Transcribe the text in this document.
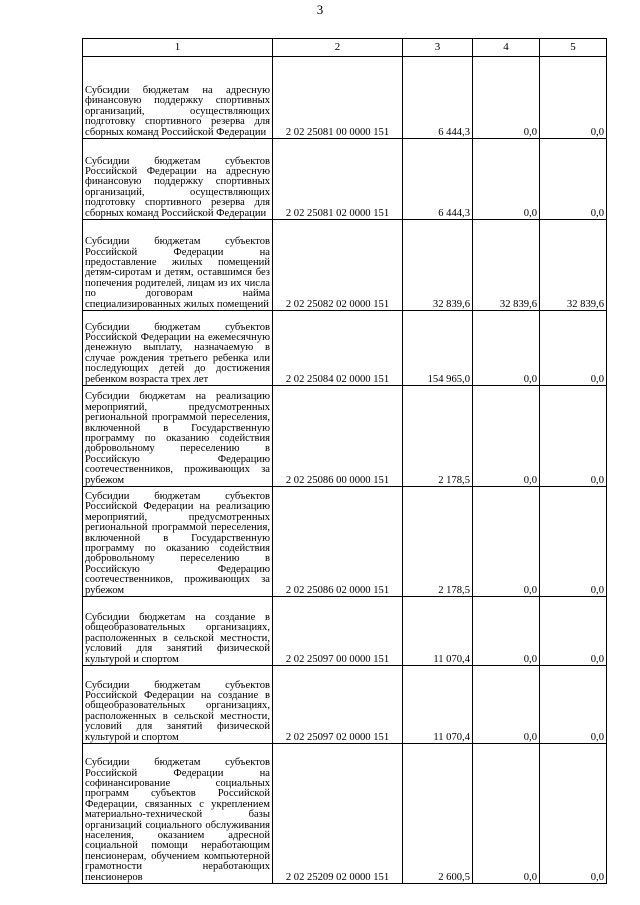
3
1	2	3	4	5
Субсидии бюджетам на адресную финансовую поддержку спортивных организаций, осуществляющих подготовку спортивного резерва для сборных команд Российской Федерации	2 02 25081 00 0000 151	6 444,3	0,0	0,0
Субсидии бюджетам субъектов Российской Федерации на адресную финансовую поддержку спортивных организаций, осуществляющих подготовку спортивного резерва для сборных команд Российской Федерации	2 02 25081 02 0000 151	6 444,3	0,0	0,0
Субсидии бюджетам субъектов Российской Федерации на предоставление жилых помещений детям-сиротам и детям, оставшимся без попечения родителей, лицам из их числа по договорам найма специализированных жилых помещений	2 02 25082 02 0000 151	32 839,6	32 839,6	32 839,6
Субсидии бюджетам субъектов Российской Федерации на ежемесячную денежную выплату, назначаемую в случае рождения третьего ребенка или последующих детей до достижения ребенком возраста трех лет	2 02 25084 02 0000 151	154 965,0	0,0	0,0
Субсидии бюджетам на реализацию мероприятий, предусмотренных региональной программой переселения, включенной в Государственную программу по оказанию содействия добровольному переселению в Российскую Федерацию соотечественников, проживающих за рубежом	2 02 25086 00 0000 151	2 178,5	0,0	0,0
Субсидии бюджетам субъектов Российской Федерации на реализацию мероприятий, предусмотренных региональной программой переселения, включенной в Государственную программу по оказанию содействия добровольному переселению в Российскую Федерацию соотечественников, проживающих за рубежом	2 02 25086 02 0000 151	2 178,5	0,0	0,0
Субсидии бюджетам на создание в общеобразовательных организациях, расположенных в сельской местности, условий для занятий физической культурой и спортом	2 02 25097 00 0000 151	11 070,4	0,0	0,0
Субсидии бюджетам субъектов Российской Федерации на создание в общеобразовательных организациях, расположенных в сельской местности, условий для занятий физической культурой и спортом	2 02 25097 02 0000 151	11 070,4	0,0	0,0
Субсидии бюджетам субъектов Российской Федерации на софинансирование социальных программ субъектов Российской Федерации, связанных с укреплением материально-технической базы организаций социального обслуживания населения, оказанием адресной социальной помощи неработающим пенсионерам, обучением компьютерной грамотности неработающих пенсионеров	2 02 25209 02 0000 151	2 600,5	0,0	0,0
